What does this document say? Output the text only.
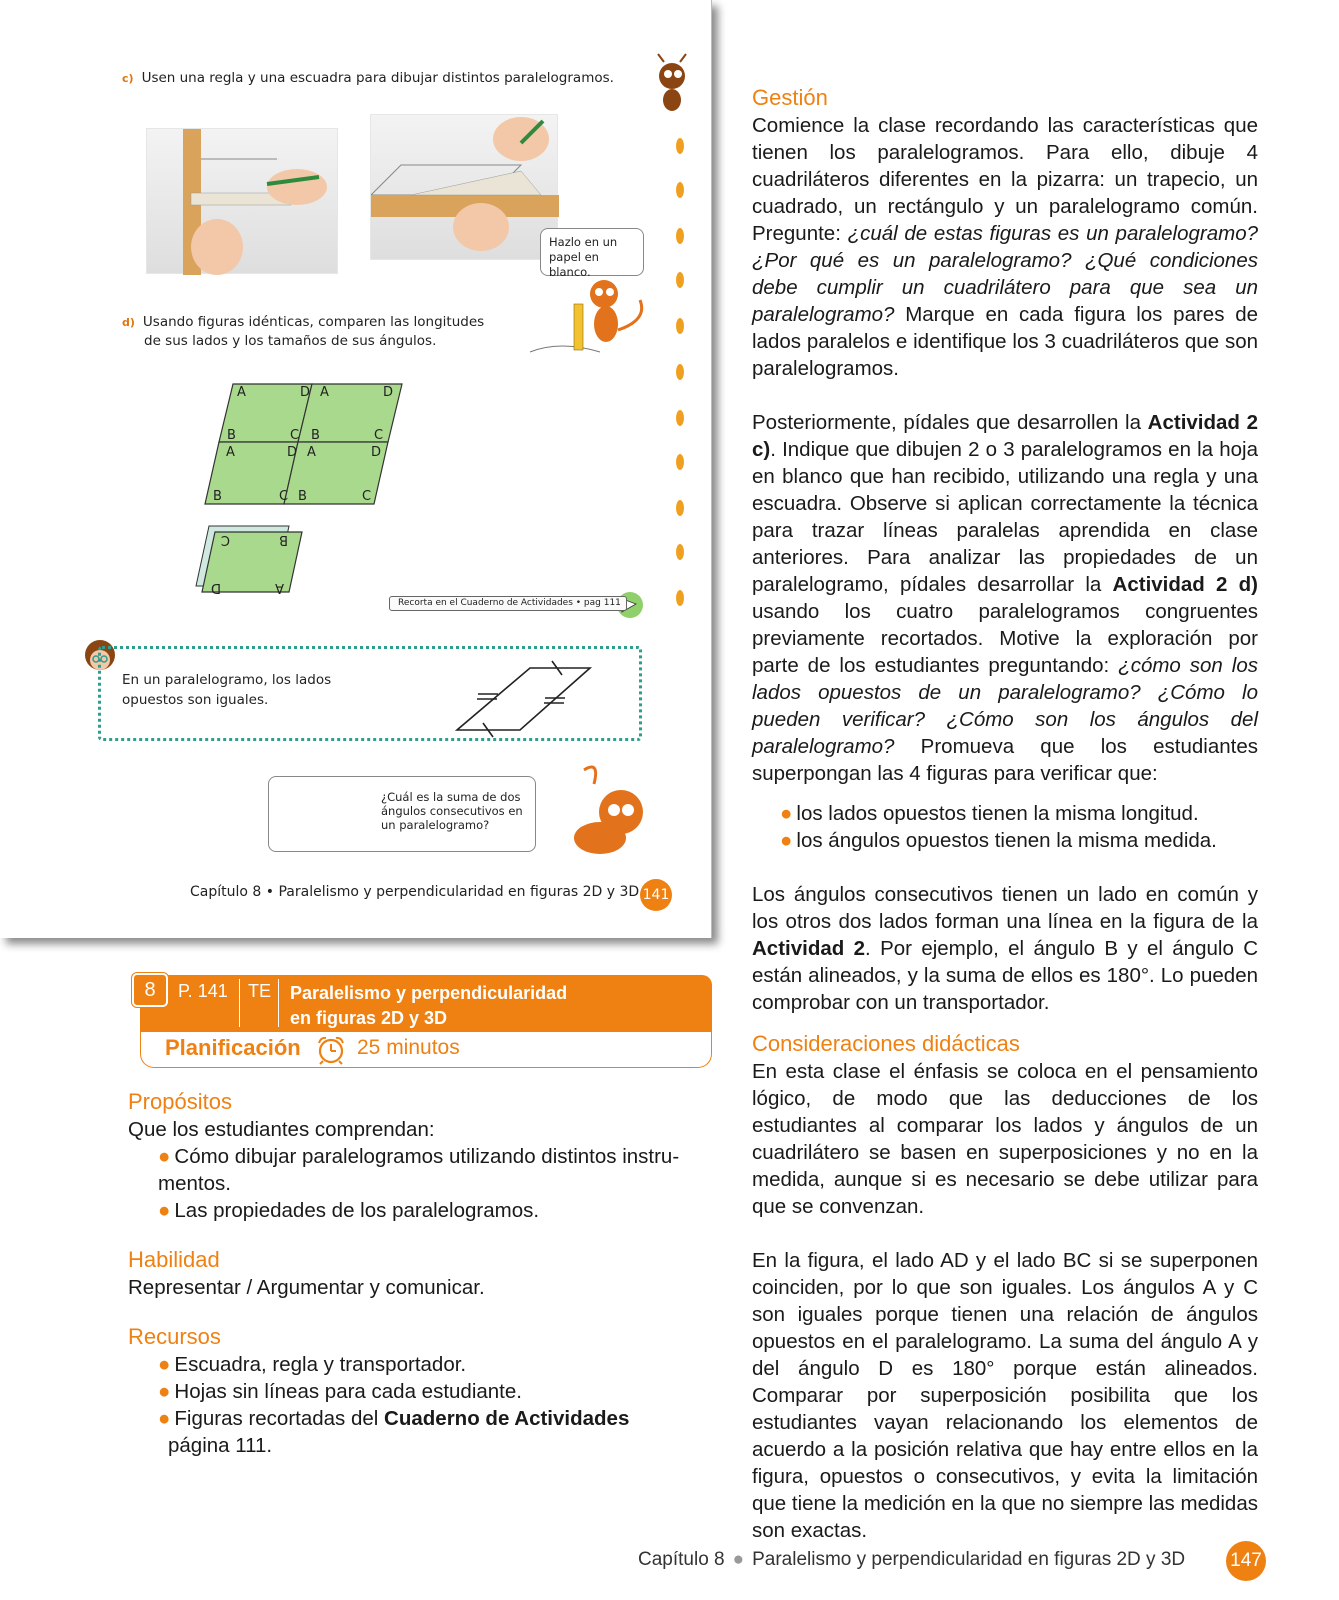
c) Usen una regla y una escuadra para dibujar distintos paralelogramos.
Hazlo en un
papel en blanco.
d) Usando figuras idénticas, comparen las longitudes
de sus lados y los tamaños de sus ángulos.
A	D A	D
B	C B	C
A	D A	D
B	C B	C
B
C
D	A
Recorta en el Cuaderno de Actividades • pag 111
En un paralelogramo, los lados
opuestos son iguales.
¿Cuál es la suma de dos
ángulos consecutivos en
un paralelogramo?
Capítulo 8 • Paralelismo y perpendicularidad en figuras 2D y 3D 141
8	P. 141 TE Paralelismo y perpendicularidad
en figuras 2D y 3D
Planificación	25 minutos
Propósitos
Que los estudiantes comprendan:
● Cómo dibujar paralelogramos utilizando distintos instru-
mentos.
● Las propiedades de los paralelogramos.
Habilidad
Representar / Argumentar y comunicar.
Recursos
● Escuadra, regla y transportador.
● Hojas sin líneas para cada estudiante.
● Figuras recortadas del Cuaderno de Actividades
página 111.
Gestión

Comience la clase recordando las características que tienen los paralelogramos. Para ello, dibuje 4 cuadriláteros diferentes en la pizarra: un trapecio, un cuadrado, un rectángulo y un paralelogramo común. Pregunte: ¿cuál de estas figuras es un paralelogramo? ¿Por qué es un paralelogramo? ¿Qué condiciones debe cumplir un cuadrilátero para que sea un paralelogramo? Marque en cada figura los pares de lados paralelos e identifique los 3 cuadriláteros que son paralelogramos.

Posteriormente, pídales que desarrollen la Actividad 2 c). Indique que dibujen 2 o 3 paralelogramos en la hoja en blanco que han recibido, utilizando una regla y una escuadra. Observe si aplican correctamente la técnica para trazar líneas paralelas aprendida en clase anteriores. Para analizar las propiedades de un paralelogramo, pídales desarrollar la Actividad 2 d) usando los cuatro paralelogramos congruentes previamente recortados. Motive la exploración por parte de los estudiantes preguntando: ¿cómo son los lados opuestos de un paralelogramo? ¿Cómo lo pueden verificar? ¿Cómo son los ángulos del paralelogramo? Promueva que los estudiantes superpongan las 4 figuras para verificar que:

● los lados opuestos tienen la misma longitud.
● los ángulos opuestos tienen la misma medida.

Los ángulos consecutivos tienen un lado en común y los otros dos lados forman una línea en la figura de la Actividad 2. Por ejemplo, el ángulo B y el ángulo C están alineados, y la suma de ellos es 180°. Lo pueden comprobar con un transportador.

Consideraciones didácticas

En esta clase el énfasis se coloca en el pensamiento lógico, de modo que las deducciones de los estudiantes al comparar los lados y ángulos de un cuadrilátero se basen en superposiciones y no en la medida, aunque si es necesario se debe utilizar para que se convenzan.

En la figura, el lado AD y el lado BC si se superponen coinciden, por lo que son iguales. Los ángulos A y C son iguales porque tienen una relación de ángulos opuestos en el paralelogramo. La suma del ángulo A y del ángulo D es 180° porque están alineados. Comparar por superposición posibilita que los estudiantes vayan relacionando los elementos de acuerdo a la posición relativa que hay entre ellos en la figura, opuestos o consecutivos, y evita la limitación que tiene la medición en la que no siempre las medidas son exactas.

Capítulo 8 ● Paralelismo y perpendicularidad en figuras 2D y 3D 147
